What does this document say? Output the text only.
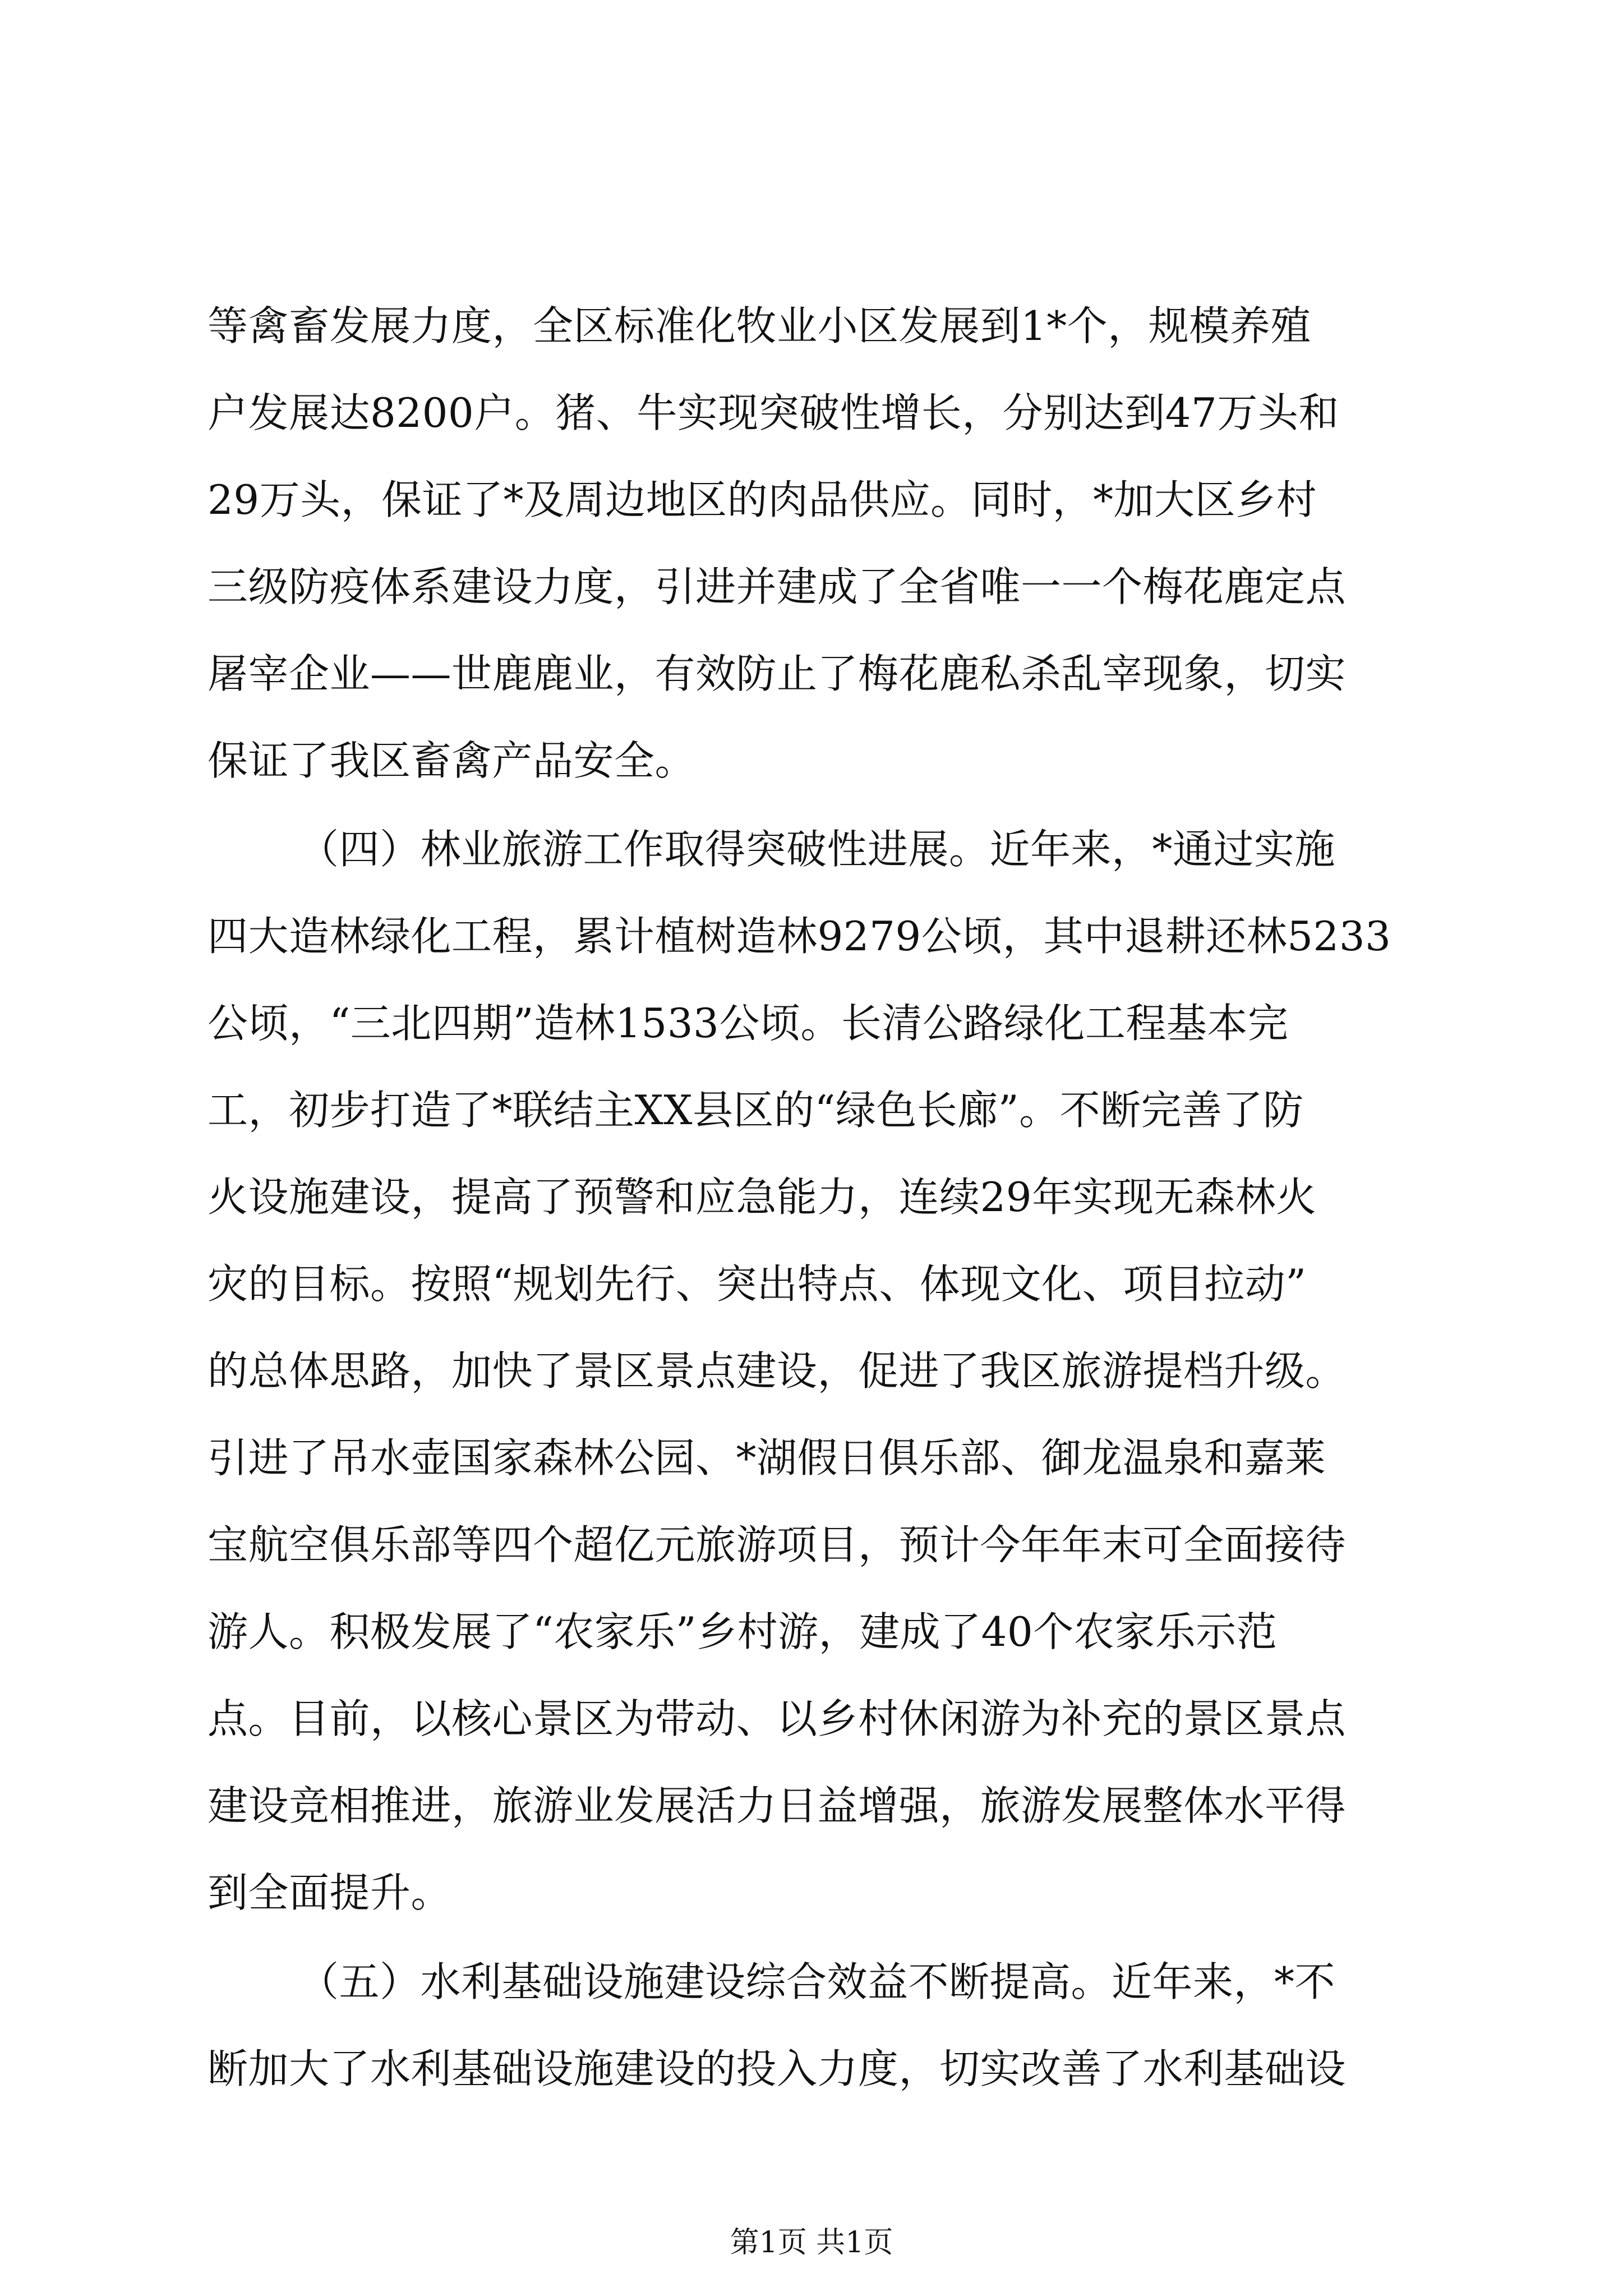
等禽畜发展力度，全区标准化牧业小区发展到1*个，规模养殖
户发展达8200户。猪、牛实现突破性增长，分别达到47万头和
29万头，保证了*及周边地区的肉品供应。同时，*加大区乡村
三级防疫体系建设力度，引进并建成了全省唯一一个梅花鹿定点
屠宰企业——世鹿鹿业，有效防止了梅花鹿私杀乱宰现象，切实
保证了我区畜禽产品安全。
（四）林业旅游工作取得突破性进展。近年来，*通过实施
四大造林绿化工程，累计植树造林9279公顷，其中退耕还林5233
公顷，“三北四期”造林1533公顷。长清公路绿化工程基本完
工，初步打造了*联结主XX县区的“绿色长廊”。不断完善了防
火设施建设，提高了预警和应急能力，连续29年实现无森林火
灾的目标。按照“规划先行、突出特点、体现文化、项目拉动”
的总体思路，加快了景区景点建设，促进了我区旅游提档升级。
引进了吊水壶国家森林公园、*湖假日俱乐部、御龙温泉和嘉莱
宝航空俱乐部等四个超亿元旅游项目，预计今年年末可全面接待
游人。积极发展了“农家乐”乡村游，建成了40个农家乐示范
点。目前，以核心景区为带动、以乡村休闲游为补充的景区景点
建设竞相推进，旅游业发展活力日益增强，旅游发展整体水平得
到全面提升。
（五）水利基础设施建设综合效益不断提高。近年来，*不
断加大了水利基础设施建设的投入力度，切实改善了水利基础设
第1页 共1页
